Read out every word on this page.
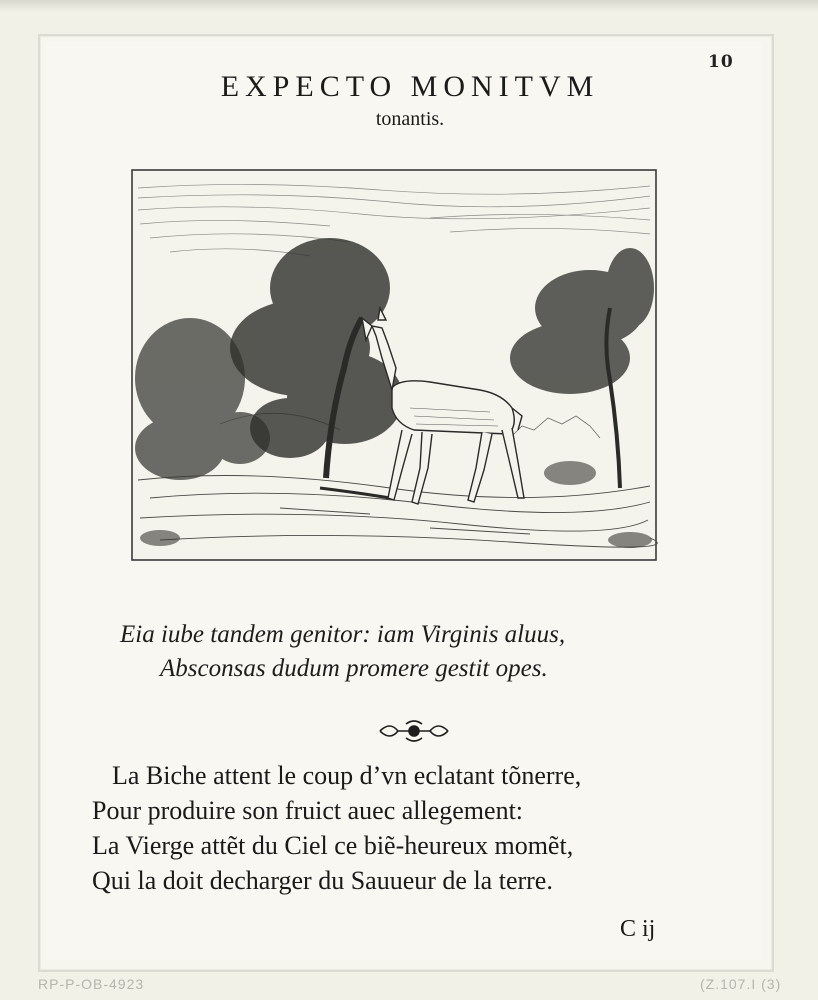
10
EXPECTO MONITVM
tonantis.
Eia iube tandem genitor: iam Virginis aluus,
Absconsas dudum promere gestit opes.
La Biche attent le coup d’vn eclatant tõnerre,
Pour produire son fruict auec allegement:
La Vierge attẽt du Ciel ce biẽ-heureux momẽt,
Qui la doit decharger du Sauueur de la terre.
C ij
RP-P-OB-4923	(Z.107.I (3)
